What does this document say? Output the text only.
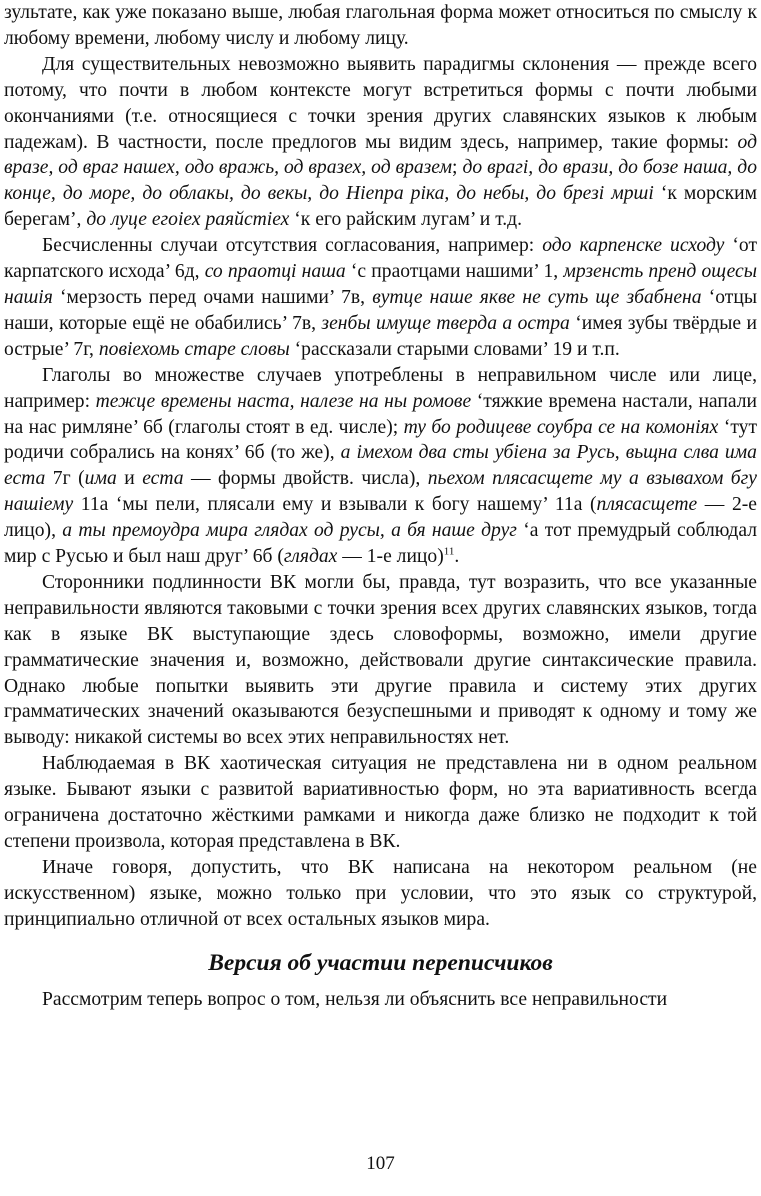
зультате, как уже показано выше, любая глагольная форма может относиться по смыслу к любому времени, любому числу и любому лицу.

Для существительных невозможно выявить парадигмы склонения — прежде всего потому, что почти в любом контексте могут встретиться формы с почти любыми окончаниями (т.е. относящиеся с точки зрения других славянских языков к любым падежам). В частности, после предлогов мы видим здесь, например, такие формы: од вразе, од враг нашех, одо вражь, од вразех, од вразем; до врагі, до врази, до бозе наша, до конце, до море, до облакы, до векы, до Hiепра ріка, до небы, до брезі мрші ‘к морским берегам’, до луце егоiех раяйстiех ‘к его райским лугам’ и т.д.

Бесчисленны случаи отсутствия согласования, например: одо карпенске исходу ‘от карпатского исхода’ 6д, со праотцi наша ‘с праотцами нашими’ 1, мрзенсть пренд ощесы нашiя ‘мерзость перед очами нашими’ 7в, вутце наше якве не суть ще збабнена ‘отцы наши, которые ещё не обабились’ 7в, зенбы имуще тверда а остра ‘имея зубы твёрдые и острые’ 7г, повiехомь старе словы ‘рассказали старыми словами’ 19 и т.п.

Глаголы во множестве случаев употреблены в неправильном числе или лице, например: тежце времены наста, налезе на ны ромове ‘тяжкие времена настали, напали на нас римляне’ 6б (глаголы стоят в ед. числе); ту бо родицеве соубра се на комонiях ‘тут родичи собрались на конях’ 6б (то же), а iмехом два сты убiена за Русь, вьщна слва има еста 7г (има и еста — формы двойств. числа), пьехом плясасщете му а взывахом бгу нашiему 11а ‘мы пели, плясали ему и взывали к богу нашему’ 11а (плясасщете — 2-е лицо), а ты премоудра мира глядах од русы, а бя наше друг ‘а тот премудрый соблюдал мир с Русью и был наш друг’ 6б (глядах — 1-е лицо)$^{11}$.

Сторонники подлинности ВК могли бы, правда, тут возразить, что все указанные неправильности являются таковыми с точки зрения всех других славянских языков, тогда как в языке ВК выступающие здесь словоформы, возможно, имели другие грамматические значения и, возможно, действовали другие синтаксические правила. Однако любые попытки выявить эти другие правила и систему этих других грамматических значений оказываются безуспешными и приводят к одному и тому же выводу: никакой системы во всех этих неправильностях нет.

Наблюдаемая в ВК хаотическая ситуация не представлена ни в одном реальном языке. Бывают языки с развитой вариативностью форм, но эта вариативность всегда ограничена достаточно жёсткими рамками и никогда даже близко не подходит к той степени произвола, которая представлена в ВК.

Иначе говоря, допустить, что ВК написана на некотором реальном (не искусственном) языке, можно только при условии, что это язык со структурой, принципиально отличной от всех остальных языков мира.

Версия об участии переписчиков

Рассмотрим теперь вопрос о том, нельзя ли объяснить все неправильности

107
